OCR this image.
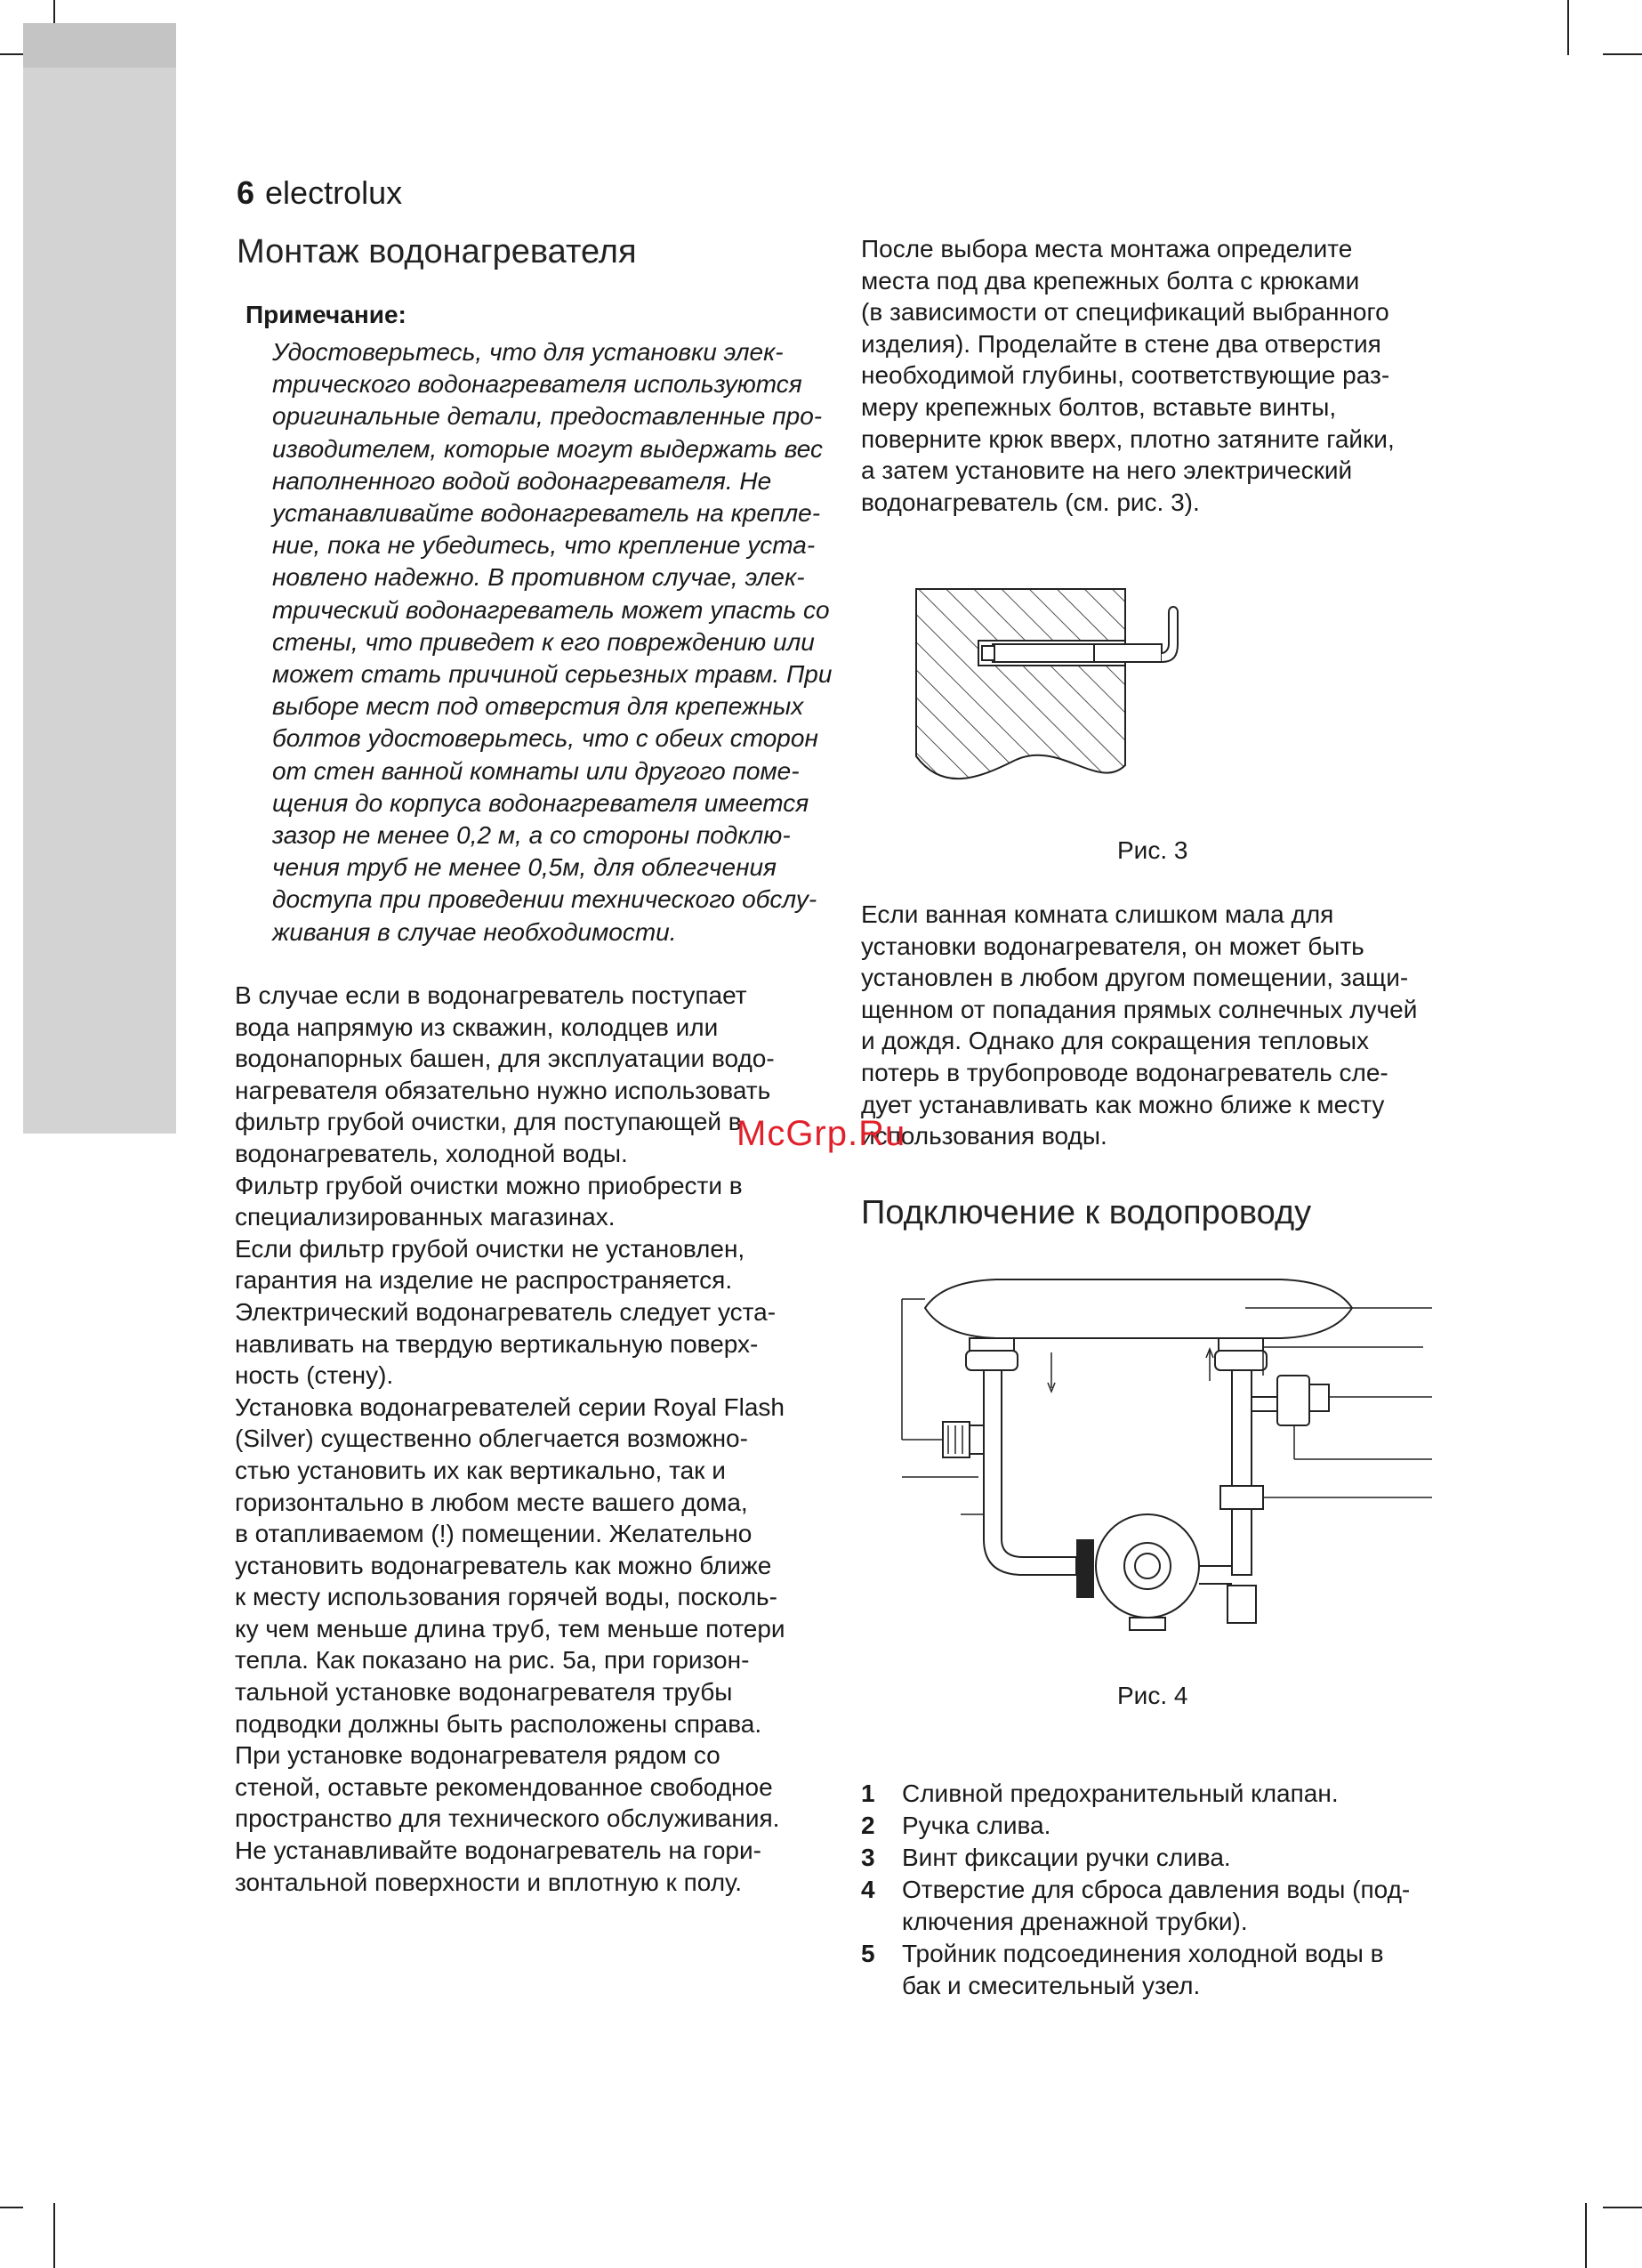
6 electrolux
Монтаж водонагревателя
Примечание:
Удостоверьтесь, что для установки элек-
трического водонагревателя используются
оригинальные детали, предоставленные про-
изводителем, которые могут выдержать вес
наполненного водой водонагревателя. Не
устанавливайте водонагреватель на крепле-
ние, пока не убедитесь, что крепление уста-
новлено надежно. В противном случае, элек-
трический водонагреватель может упасть со
стены, что приведет к его повреждению или
может стать причиной серьезных травм. При
выборе мест под отверстия для крепежных
болтов удостоверьтесь, что с обеих сторон
от стен ванной комнаты или другого поме-
щения до корпуса водонагревателя имеется
зазор не менее 0,2 м, а со стороны подклю-
чения труб не менее 0,5м, для облегчения
доступа при проведении технического обслу-
живания в случае необходимости.
В случае если в водонагреватель поступает
вода напрямую из скважин, колодцев или
водонапорных башен, для эксплуатации водо-
нагревателя обязательно нужно использовать
фильтр грубой очистки, для поступающей в
водонагреватель, холодной воды.
Фильтр грубой очистки можно приобрести в
специализированных магазинах.
Если фильтр грубой очистки не установлен,
гарантия на изделие не распространяется.
Электрический водонагреватель следует уста-
навливать на твердую вертикальную поверх-
ность (стену).
Установка водонагревателей серии Royal Flash
(Silver) существенно облегчается возможно-
стью установить их как вертикально, так и
горизонтально в любом месте вашего дома,
в отапливаемом (!) помещении. Желательно
установить водонагреватель как можно ближе
к месту использования горячей воды, посколь-
ку чем меньше длина труб, тем меньше потери
тепла. Как показано на рис. 5а, при горизон-
тальной установке водонагревателя трубы
подводки должны быть расположены справа.
При установке водонагревателя рядом со
стеной, оставьте рекомендованное свободное
пространство для технического обслуживания.
Не устанавливайте водонагреватель на гори-
зонтальной поверхности и вплотную к полу.
После выбора места монтажа определите
места под два крепежных болта с крюками
(в зависимости от спецификаций выбранного
изделия). Проделайте в стене два отверстия
необходимой глубины, соответствующие раз-
меру крепежных болтов, вставьте винты,
поверните крюк вверх, плотно затяните гайки,
а затем установите на него электрический
водонагреватель (см. рис. 3).
Рис. 3
Если ванная комната слишком мала для
установки водонагревателя, он может быть
установлен в любом другом помещении, защи-
щенном от попадания прямых солнечных лучей
и дождя. Однако для сокращения тепловых
потерь в трубопроводе водонагреватель сле-
дует устанавливать как можно ближе к месту
использования воды.
Подключение к водопроводу
Рис. 4
1	Сливной предохранительный клапан.
2	Ручка слива.
3	Винт фиксации ручки слива.
4	Отверстие для сброса давления воды (под-
ключения дренажной трубки).
5	Тройник подсоединения холодной воды в
бак и смесительный узел.
McGrp.Ru
